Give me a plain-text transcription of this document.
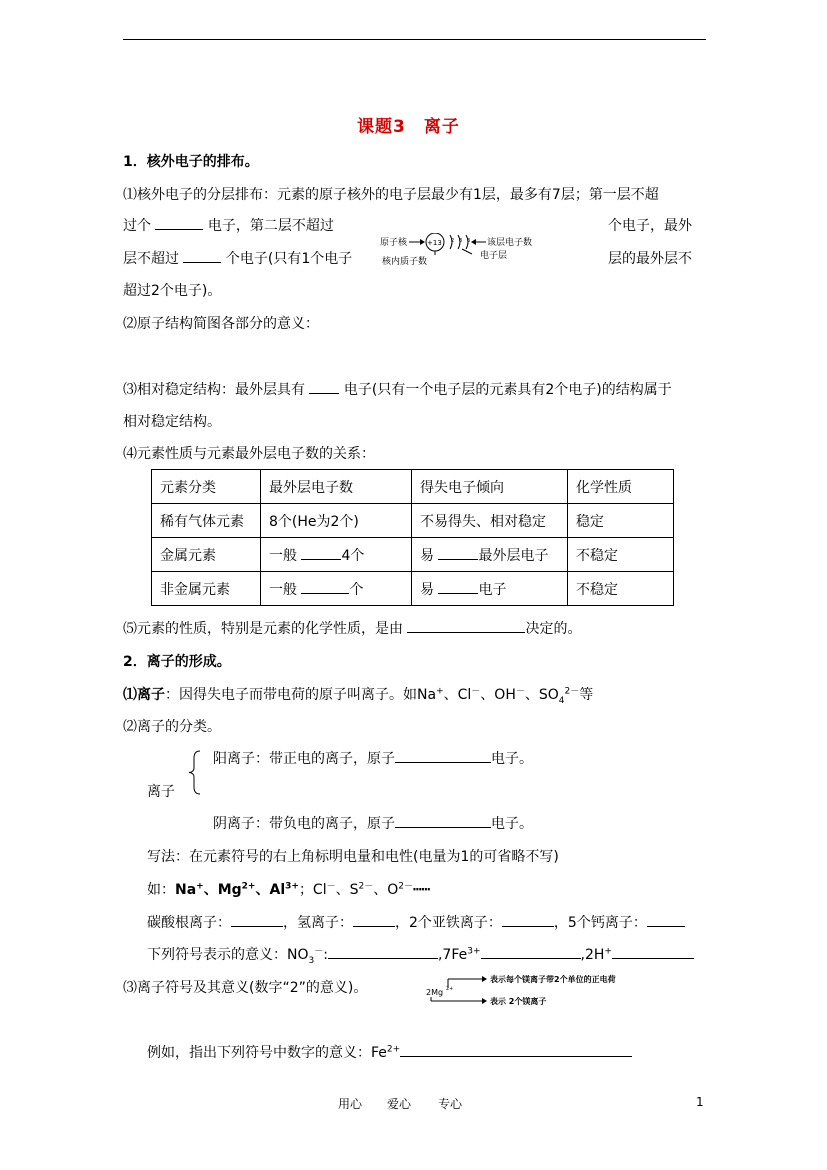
课题3　离子
1．核外电子的排布。
⑴核外电子的分层排布：元素的原子核外的电子层最少有1层，最多有7层；第一层不超
过个	电子，第二层不超过	个电子，最外
层不超过	个电子(只有1个电子	层的最外层不
超过2个电子)。
原子核	+13 2 8 3 该层电子数
核内质子数
电子层
⑵原子结构简图各部分的意义：
⑶相对稳定结构：最外层具有	电子(只有一个电子层的元素具有2个电子)的结构属于
相对稳定结构。
⑷元素性质与元素最外层电子数的关系：
元素分类	最外层电子数	得失电子倾向	化学性质
稀有气体元素	8个(He为2个)	不易得失、相对稳定	稳定
金属元素	一般 4个	易 最外层电子	不稳定
非金属元素	一般 个	易 电子	不稳定
⑸元素的性质，特别是元素的化学性质，是由	决定的。
2．离子的形成。
⑴离子：因得失电子而带电荷的原子叫离子。如Na+、Cl－、OH－、$SO_4^{2-}$等
⑵离子的分类。
阳离子：带正电的离子，原子	电子。
离子
阴离子：带负电的离子，原子	电子。
写法：在元素符号的右上角标明电量和电性(电量为1的可省略不写)
如：Na+、$Mg^{2+}$、$Al^{3+}$；Cl－、$S^{2-}$、$O^{2-}┅┅$
碳酸根离子：	，氢离子：	，2个亚铁离子：	，5个钙离子：
下列符号表示的意义：$NO_3^-$:	$,7Fe^{3+}$	,2H+
⑶离子符号及其意义(数字“2”的意义)。	2Mg 2+
表示每个镁离子带2个单位的正电荷
表示 2个镁离子
例如，指出下列符号中数字的意义：$Fe^{2+}$
用心 爱心 专心	1
